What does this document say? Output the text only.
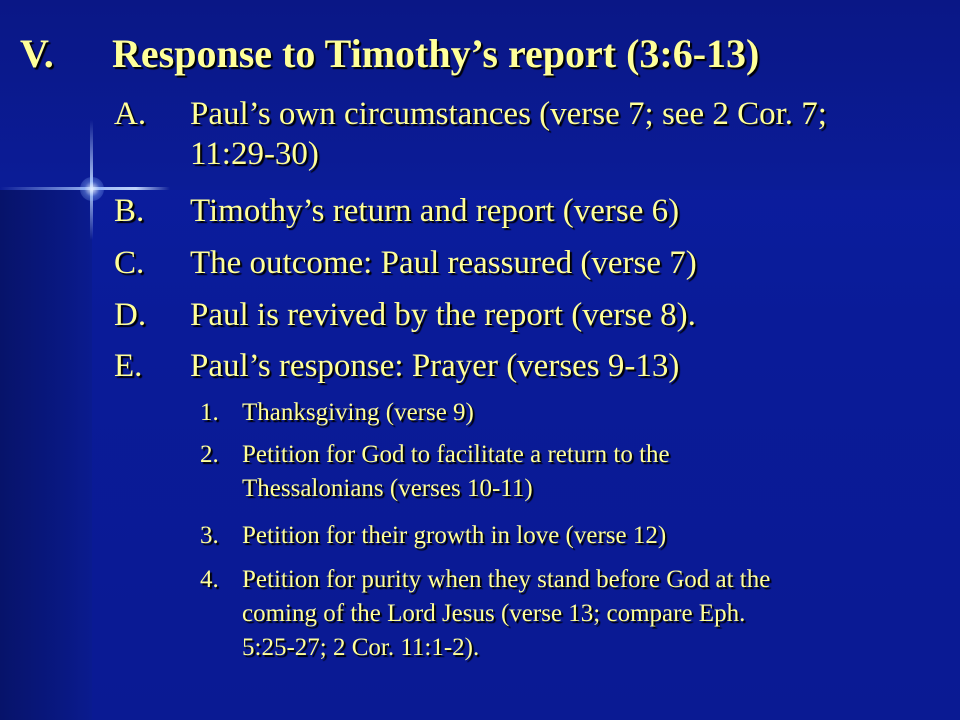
V. Response to Timothy’s report (3:6-13)
A. Paul’s own circumstances (verse 7; see 2 Cor. 7;
11:29-30)
B. Timothy’s return and report (verse 6)
C. The outcome: Paul reassured (verse 7)
D. Paul is revived by the report (verse 8).
E. Paul’s response: Prayer (verses 9-13)
1. Thanksgiving (verse 9)
2. Petition for God to facilitate a return to the
Thessalonians (verses 10-11)
3. Petition for their growth in love (verse 12)
4. Petition for purity when they stand before God at the
coming of the Lord Jesus (verse 13; compare Eph.
5:25-27; 2 Cor. 11:1-2).
